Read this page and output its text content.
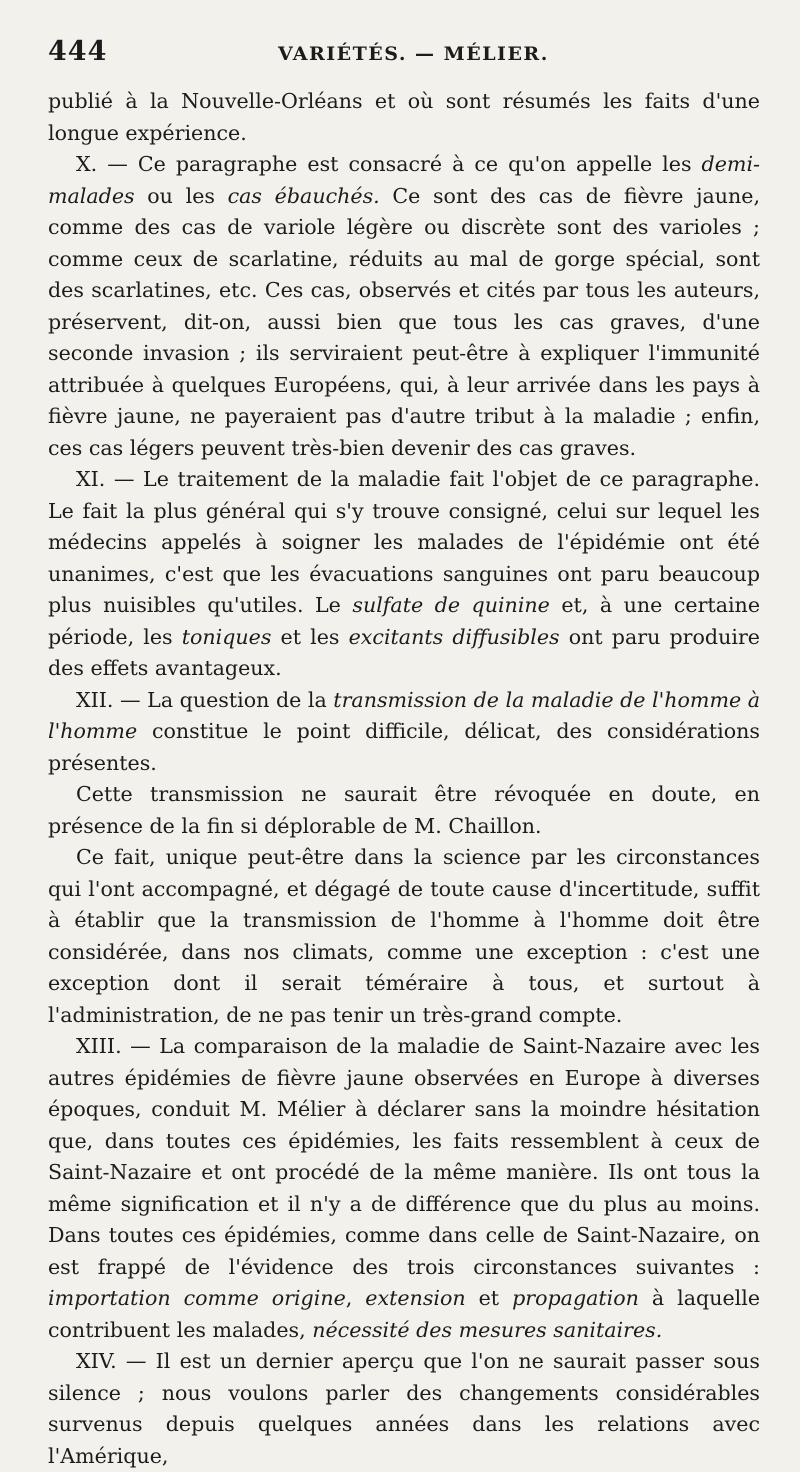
444	VARIÉTÉS. — MÉLIER.

publié à la Nouvelle-Orléans et où sont résumés les faits d'une longue expérience.

X. — Ce paragraphe est consacré à ce qu'on appelle les demi-malades ou les cas ébauchés. Ce sont des cas de fièvre jaune, comme des cas de variole légère ou discrète sont des varioles ; comme ceux de scarlatine, réduits au mal de gorge spécial, sont des scarlatines, etc. Ces cas, observés et cités par tous les auteurs, préservent, dit-on, aussi bien que tous les cas graves, d'une seconde invasion ; ils serviraient peut-être à expliquer l'immunité attribuée à quelques Européens, qui, à leur arrivée dans les pays à fièvre jaune, ne payeraient pas d'autre tribut à la maladie ; enfin, ces cas légers peuvent très-bien devenir des cas graves.

XI. — Le traitement de la maladie fait l'objet de ce paragraphe. Le fait la plus général qui s'y trouve consigné, celui sur lequel les médecins appelés à soigner les malades de l'épidémie ont été unanimes, c'est que les évacuations sanguines ont paru beaucoup plus nuisibles qu'utiles. Le sulfate de quinine et, à une certaine période, les toniques et les excitants diffusibles ont paru produire des effets avantageux.

XII. — La question de la transmission de la maladie de l'homme à l'homme constitue le point difficile, délicat, des considérations présentes.

Cette transmission ne saurait être révoquée en doute, en présence de la fin si déplorable de M. Chaillon.

Ce fait, unique peut-être dans la science par les circonstances qui l'ont accompagné, et dégagé de toute cause d'incertitude, suffit à établir que la transmission de l'homme à l'homme doit être considérée, dans nos climats, comme une exception : c'est une exception dont il serait téméraire à tous, et surtout à l'administration, de ne pas tenir un très-grand compte.

XIII. — La comparaison de la maladie de Saint-Nazaire avec les autres épidémies de fièvre jaune observées en Europe à diverses époques, conduit M. Mélier à déclarer sans la moindre hésitation que, dans toutes ces épidémies, les faits ressemblent à ceux de Saint-Nazaire et ont procédé de la même manière. Ils ont tous la même signification et il n'y a de différence que du plus au moins. Dans toutes ces épidémies, comme dans celle de Saint-Nazaire, on est frappé de l'évidence des trois circonstances suivantes : importation comme origine, extension et propagation à laquelle contribuent les malades, nécessité des mesures sanitaires.

XIV. — Il est un dernier aperçu que l'on ne saurait passer sous silence ; nous voulons parler des changements considérables survenus depuis quelques années dans les relations avec l'Amérique,
